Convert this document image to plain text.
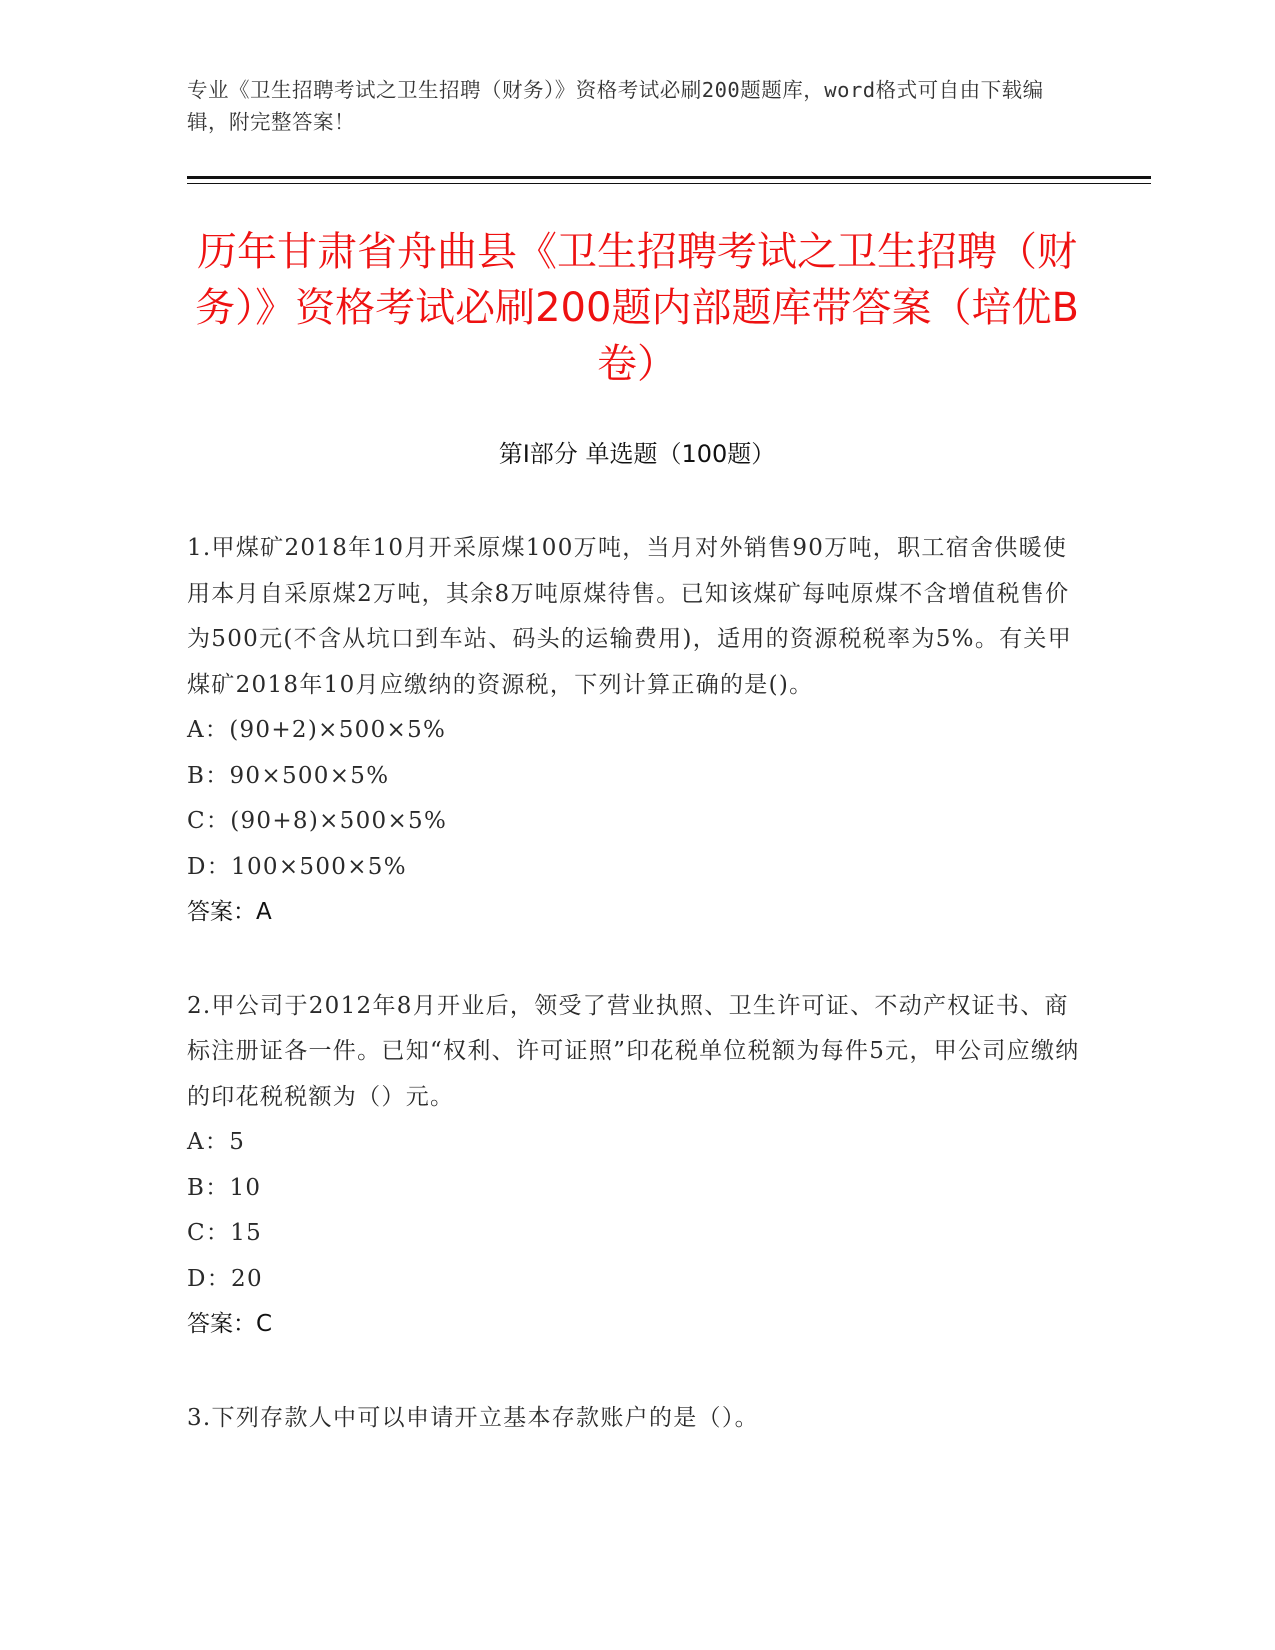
专业《卫生招聘考试之卫生招聘（财务）》资格考试必刷200题题库，word格式可自由下载编辑，附完整答案！
历年甘肃省舟曲县《卫生招聘考试之卫生招聘（财务）》资格考试必刷200题内部题库带答案（培优B卷）
第Ⅰ部分 单选题（100题）

1.甲煤矿2018年10月开采原煤100万吨，当月对外销售90万吨，职工宿舍供暖使用本月自采原煤2万吨，其余8万吨原煤待售。已知该煤矿每吨原煤不含增值税售价为500元(不含从坑口到车站、码头的运输费用)，适用的资源税税率为5%。有关甲煤矿2018年10月应缴纳的资源税，下列计算正确的是()。

A：(90+2)×500×5%

B：90×500×5%

C：(90+8)×500×5%

D：100×500×5%

答案：A

2.甲公司于2012年8月开业后，领受了营业执照、卫生许可证、不动产权证书、商标注册证各一件。已知“权利、许可证照”印花税单位税额为每件5元，甲公司应缴纳的印花税税额为（）元。

A：5

B：10

C：15

D：20

答案：C

3.下列存款人中可以申请开立基本存款账户的是（）。
